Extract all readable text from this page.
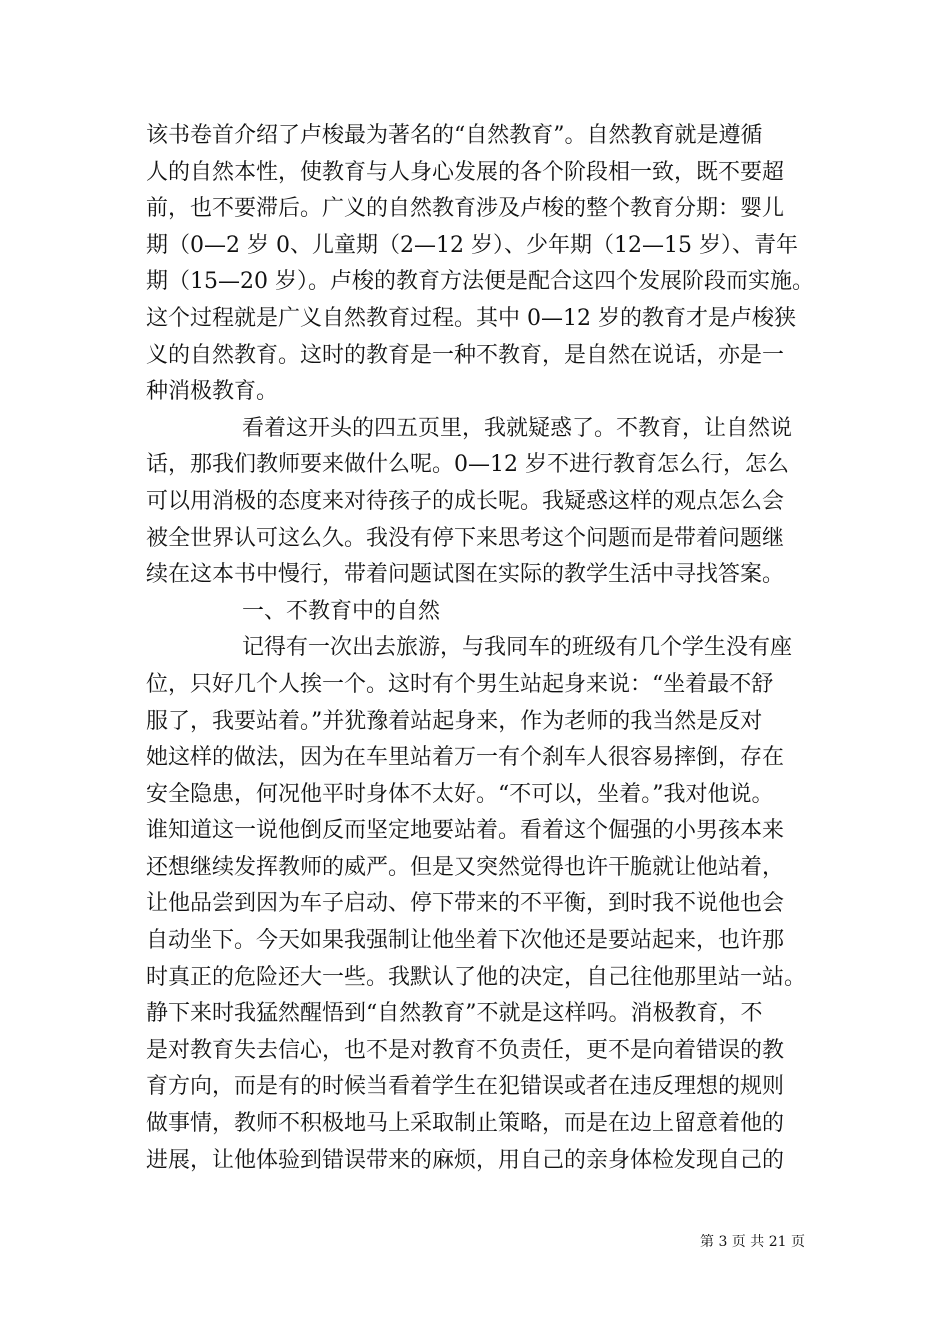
该书卷首介绍了卢梭最为著名的“自然教育”。自然教育就是遵循
人的自然本性，使教育与人身心发展的各个阶段相一致，既不要超
前，也不要滞后。广义的自然教育涉及卢梭的整个教育分期：婴儿
期（0—2 岁 0、儿童期（2—12 岁）、少年期（12—15 岁）、青年
期（15—20 岁）。卢梭的教育方法便是配合这四个发展阶段而实施。
这个过程就是广义自然教育过程。其中 0—12 岁的教育才是卢梭狭
义的自然教育。这时的教育是一种不教育，是自然在说话，亦是一
种消极教育。
看着这开头的四五页里，我就疑惑了。不教育，让自然说
话，那我们教师要来做什么呢。0—12 岁不进行教育怎么行，怎么
可以用消极的态度来对待孩子的成长呢。我疑惑这样的观点怎么会
被全世界认可这么久。我没有停下来思考这个问题而是带着问题继
续在这本书中慢行，带着问题试图在实际的教学生活中寻找答案。
一、不教育中的自然
记得有一次出去旅游，与我同车的班级有几个学生没有座
位，只好几个人挨一个。这时有个男生站起身来说：“坐着最不舒
服了，我要站着。”并犹豫着站起身来，作为老师的我当然是反对
她这样的做法，因为在车里站着万一有个刹车人很容易摔倒，存在
安全隐患，何况他平时身体不太好。“不可以，坐着。”我对他说。
谁知道这一说他倒反而坚定地要站着。看着这个倔强的小男孩本来
还想继续发挥教师的威严。但是又突然觉得也许干脆就让他站着，
让他品尝到因为车子启动、停下带来的不平衡，到时我不说他也会
自动坐下。今天如果我强制让他坐着下次他还是要站起来，也许那
时真正的危险还大一些。我默认了他的决定，自己往他那里站一站。
静下来时我猛然醒悟到“自然教育”不就是这样吗。消极教育，不
是对教育失去信心，也不是对教育不负责任，更不是向着错误的教
育方向，而是有的时候当看着学生在犯错误或者在违反理想的规则
做事情，教师不积极地马上采取制止策略，而是在边上留意着他的
进展，让他体验到错误带来的麻烦，用自己的亲身体检发现自己的
第 3 页 共 21 页
